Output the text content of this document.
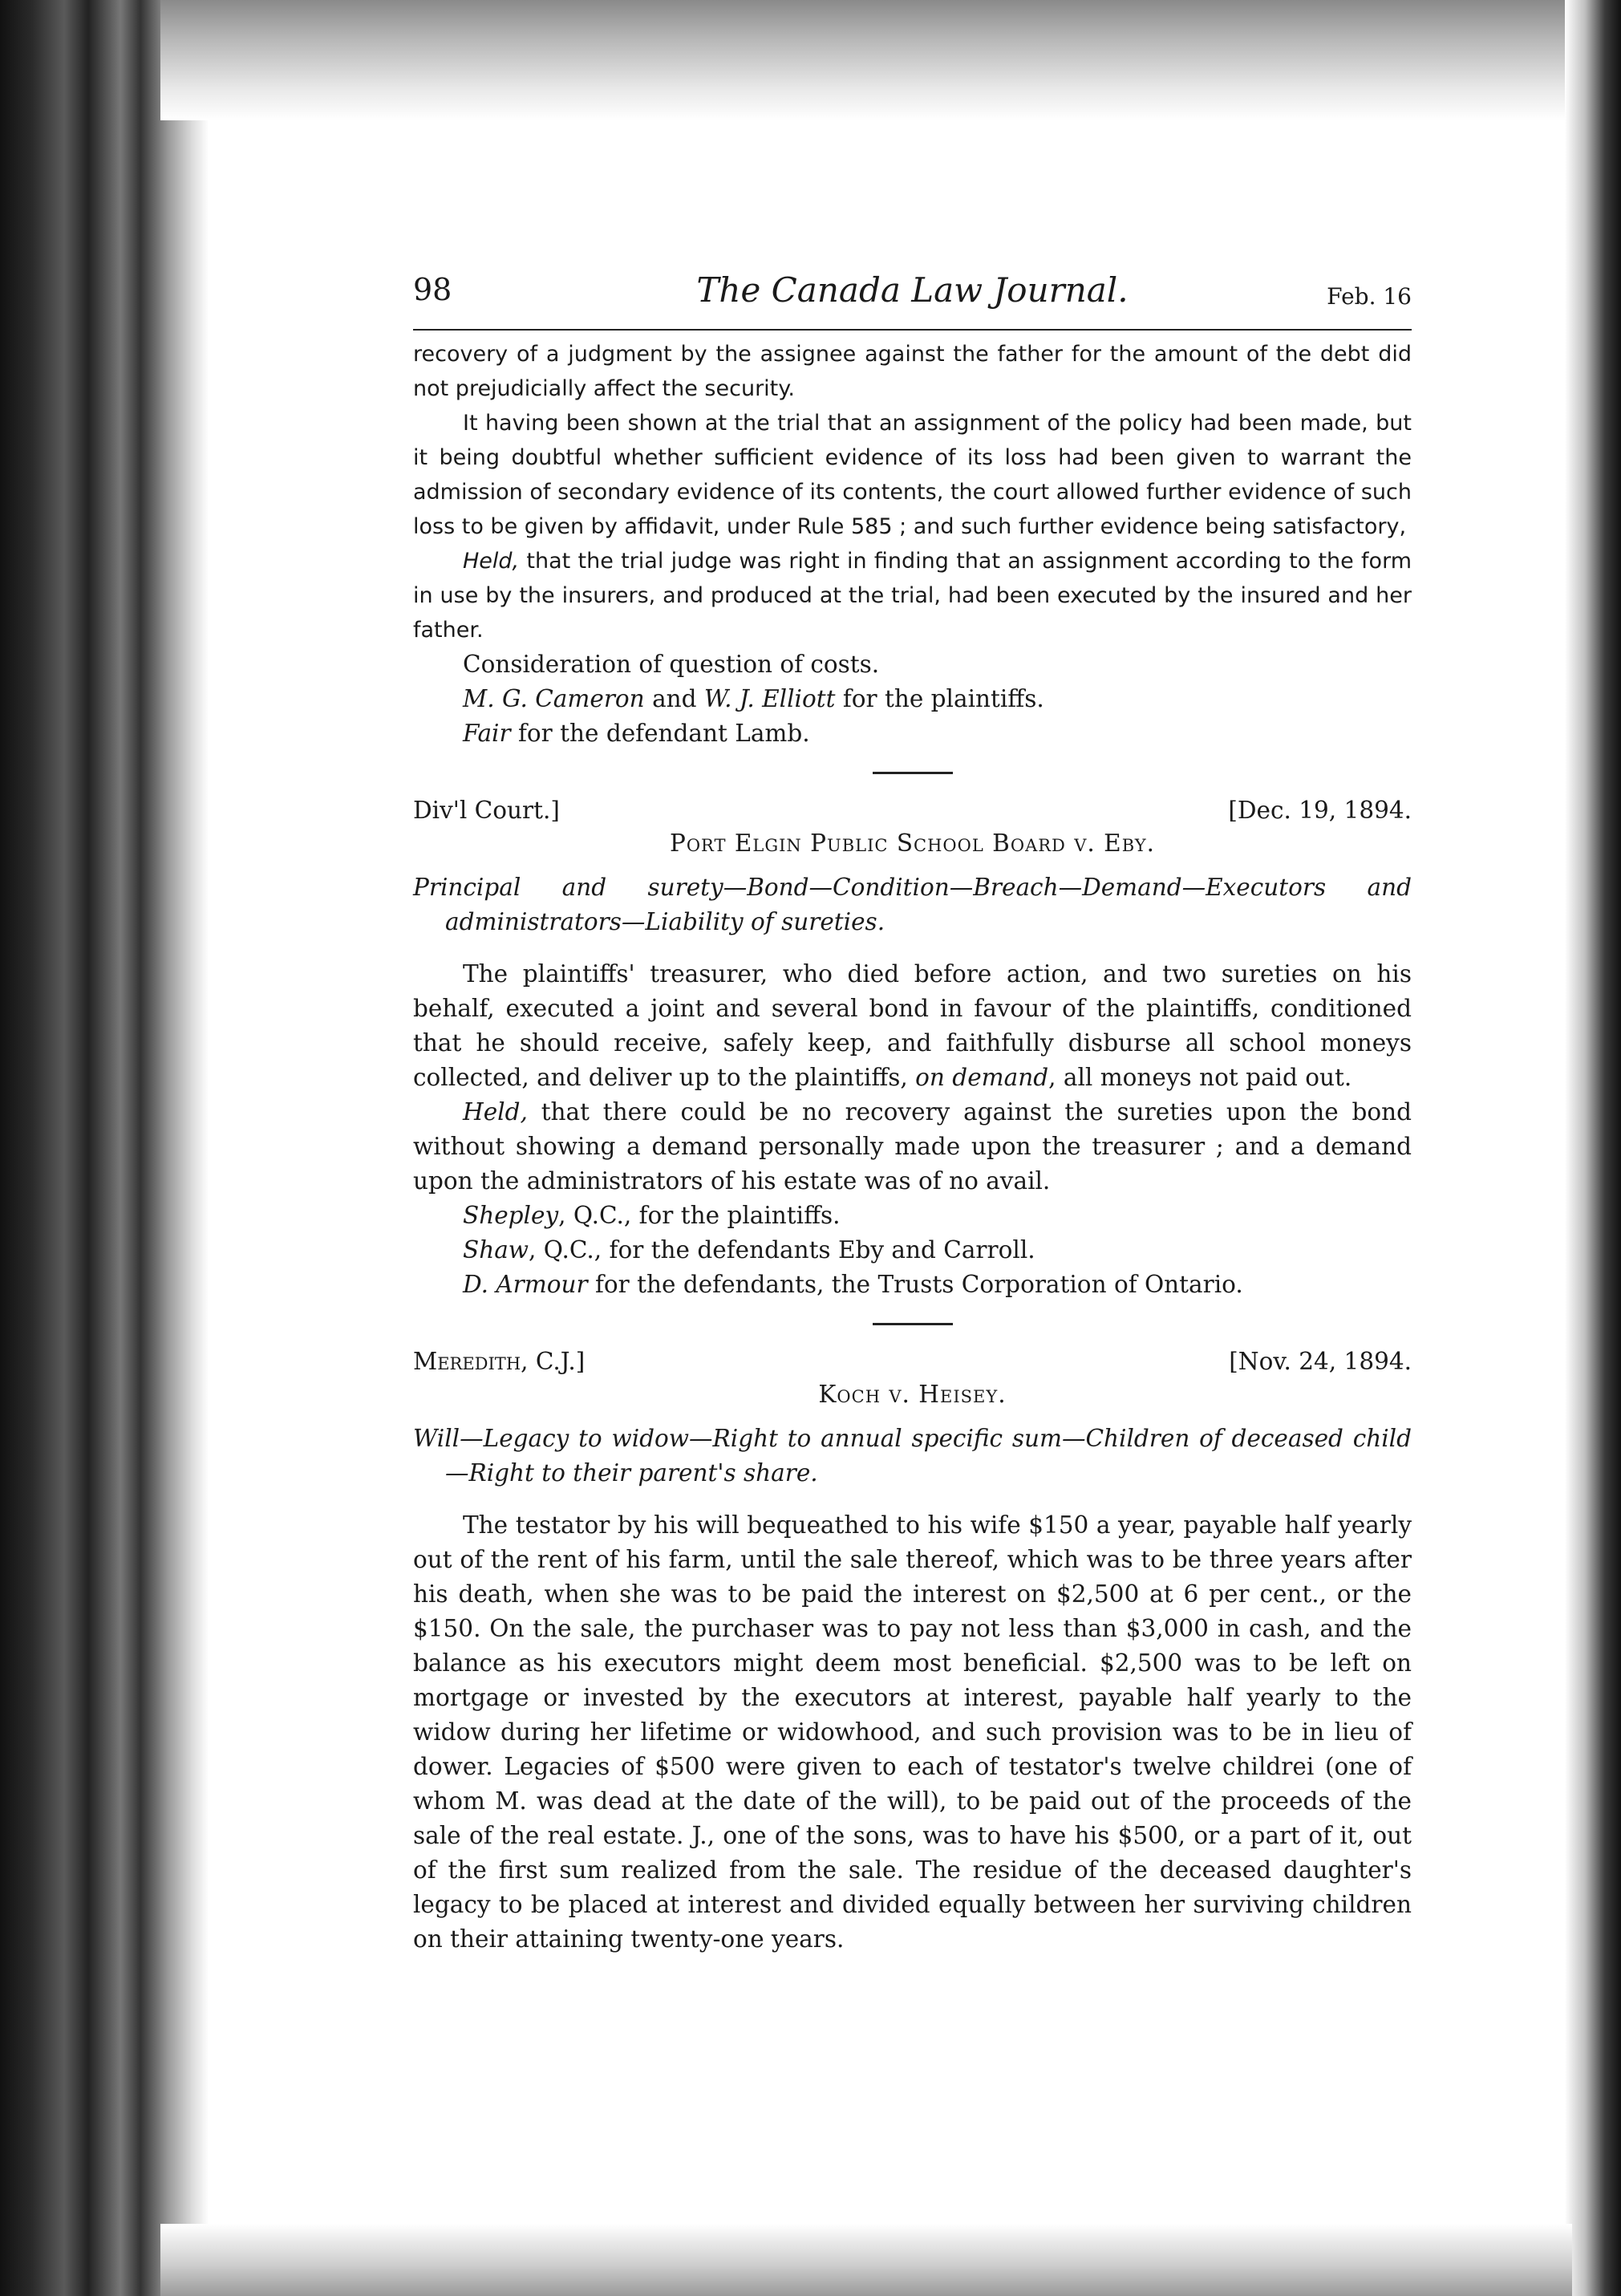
98	The Canada Law Journal.	Feb. 16

recovery of a judgment by the assignee against the father for the amount of the debt did not prejudicially affect the security.

It having been shown at the trial that an assignment of the policy had been made, but it being doubtful whether sufficient evidence of its loss had been given to warrant the admission of secondary evidence of its contents, the court allowed further evidence of such loss to be given by affidavit, under Rule 585 ; and such further evidence being satisfactory,

Held, that the trial judge was right in finding that an assignment according to the form in use by the insurers, and produced at the trial, had been executed by the insured and her father.

Consideration of question of costs.

M. G. Cameron and W. J. Elliott for the plaintiffs.

Fair for the defendant Lamb.

Div'l Court.]	[Dec. 19, 1894.
Port Elgin Public School Board v. Eby.

Principal and surety—Bond—Condition—Breach—Demand—Executors and administrators—Liability of sureties.

The plaintiffs' treasurer, who died before action, and two sureties on his behalf, executed a joint and several bond in favour of the plaintiffs, conditioned that he should receive, safely keep, and faithfully disburse all school moneys collected, and deliver up to the plaintiffs, on demand, all moneys not paid out.

Held, that there could be no recovery against the sureties upon the bond without showing a demand personally made upon the treasurer ; and a demand upon the administrators of his estate was of no avail.

Shepley, Q.C., for the plaintiffs.

Shaw, Q.C., for the defendants Eby and Carroll.

D. Armour for the defendants, the Trusts Corporation of Ontario.

Meredith, C.J.]	[Nov. 24, 1894.
Koch v. Heisey.

Will—Legacy to widow—Right to annual specific sum—Children of deceased child—Right to their parent's share.

The testator by his will bequeathed to his wife $150 a year, payable half yearly out of the rent of his farm, until the sale thereof, which was to be three years after his death, when she was to be paid the interest on $2,500 at 6 per cent., or the $150. On the sale, the purchaser was to pay not less than $3,000 in cash, and the balance as his executors might deem most beneficial. $2,500 was to be left on mortgage or invested by the executors at interest, payable half yearly to the widow during her lifetime or widowhood, and such provision was to be in lieu of dower. Legacies of $500 were given to each of testator's twelve childrei (one of whom M. was dead at the date of the will), to be paid out of the proceeds of the sale of the real estate. J., one of the sons, was to have his $500, or a part of it, out of the first sum realized from the sale. The residue of the deceased daughter's legacy to be placed at interest and divided equally between her surviving children on their attaining twenty-one years.
